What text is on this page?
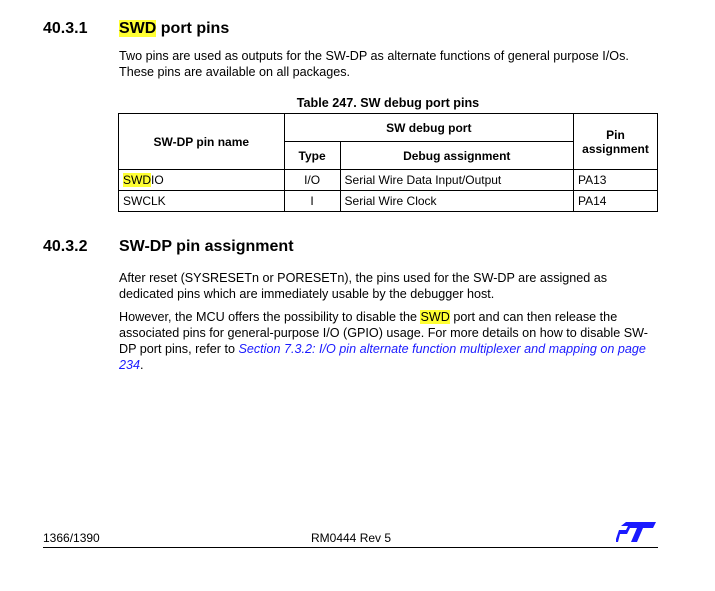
40.3.1 SWD port pins

Two pins are used as outputs for the SW-DP as alternate functions of general purpose I/Os. These pins are available on all packages.

Table 247. SW debug port pins
SW-DP pin name	SW debug port		Pin assignment
	Type	Debug assignment	
SWDIO	I/O	Serial Wire Data Input/Output	PA13
SWCLK	I	Serial Wire Clock	PA14
40.3.2 SW-DP pin assignment

After reset (SYSRESETn or PORESETn), the pins used for the SW-DP are assigned as dedicated pins which are immediately usable by the debugger host.

However, the MCU offers the possibility to disable the SWD port and can then release the associated pins for general-purpose I/O (GPIO) usage. For more details on how to disable SW-DP port pins, refer to Section 7.3.2: I/O pin alternate function multiplexer and mapping on page 234.

1366/1390	RM0444 Rev 5
